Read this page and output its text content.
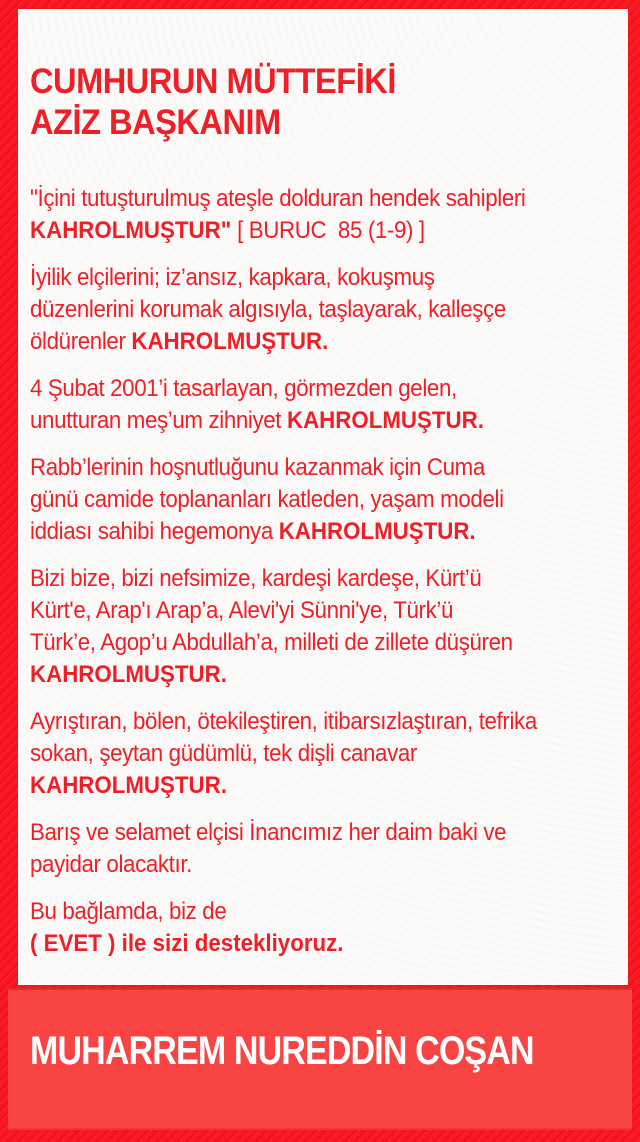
CUMHURUN MÜTTEFİKİ
AZİZ BAŞKANIM
"İçini tutuşturulmuş ateşle dolduran hendek sahipleri
KAHROLMUŞTUR" [ BURUC  85 (1-9) ]
İyilik elçilerini; iz’ansız, kapkara, kokuşmuş
düzenlerini korumak algısıyla, taşlayarak, kalleşçe
öldürenler KAHROLMUŞTUR.
4 Şubat 2001’i tasarlayan, görmezden gelen,
unutturan meş’um zihniyet KAHROLMUŞTUR.
Rabb’lerinin hoşnutluğunu kazanmak için Cuma
günü camide toplananları katleden, yaşam modeli
iddiası sahibi hegemonya KAHROLMUŞTUR.
Bizi bize, bizi nefsimize, kardeşi kardeşe, Kürt’ü
Kürt'e, Arap'ı Arap’a, Alevi'yi Sünni'ye, Türk’ü
Türk’e, Agop’u Abdullah’a, milleti de zillete düşüren
KAHROLMUŞTUR.
Ayrıştıran, bölen, ötekileştiren, itibarsızlaştıran, tefrika
sokan, şeytan güdümlü, tek dişli canavar
KAHROLMUŞTUR.
Barış ve selamet elçisi İnancımız her daim baki ve
payidar olacaktır.
Bu bağlamda, biz de
( EVET ) ile sizi destekliyoruz.
MUHARREM NUREDDİN COŞAN
